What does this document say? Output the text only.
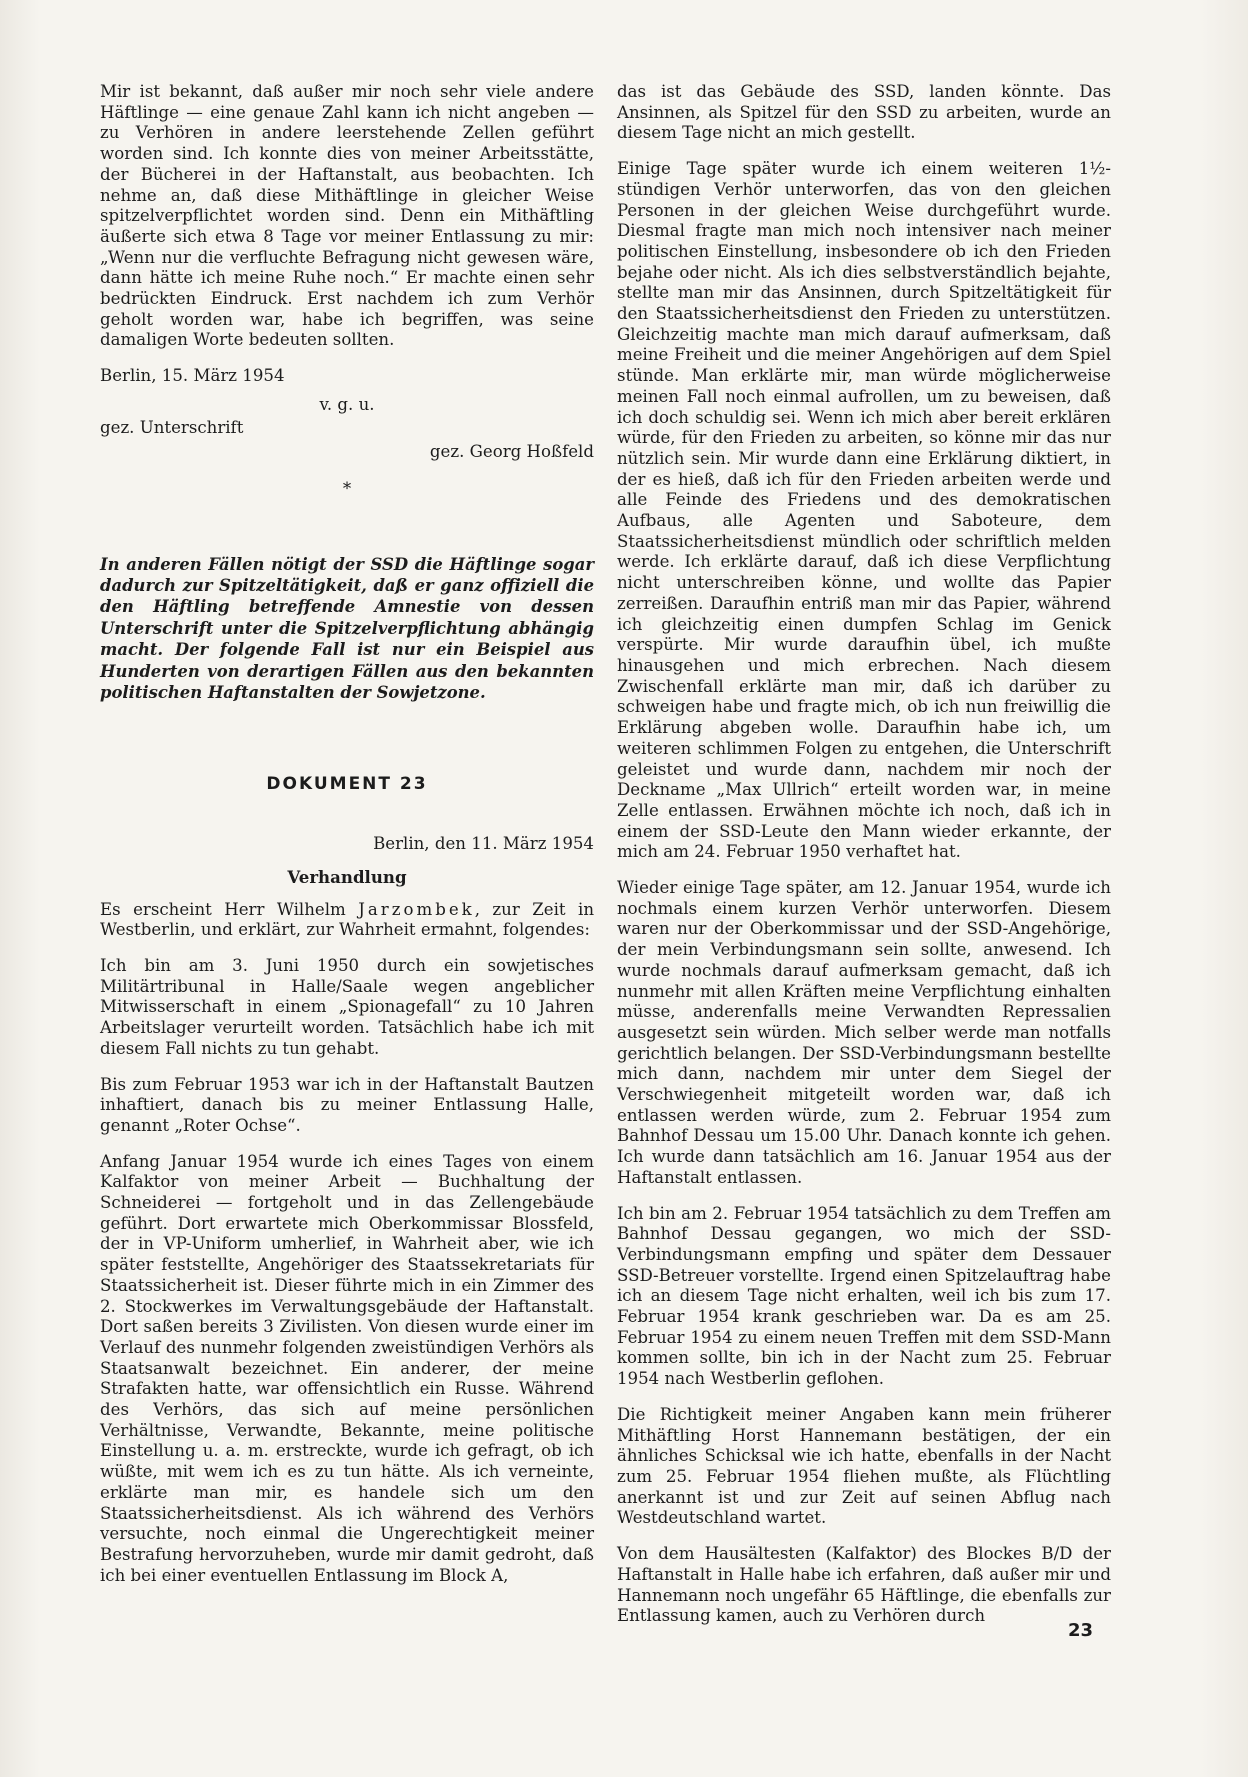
Mir ist bekannt, daß außer mir noch sehr viele andere Häftlinge — eine genaue Zahl kann ich nicht angeben — zu Verhören in andere leerstehende Zellen geführt worden sind. Ich konnte dies von meiner Arbeitsstätte, der Bücherei in der Haftanstalt, aus beobachten. Ich nehme an, daß diese Mithäftlinge in gleicher Weise spitzelverpflichtet worden sind. Denn ein Mithäftling äußerte sich etwa 8 Tage vor meiner Entlassung zu mir: „Wenn nur die verfluchte Befragung nicht gewesen wäre, dann hätte ich meine Ruhe noch.“ Er machte einen sehr bedrückten Eindruck. Erst nachdem ich zum Verhör geholt worden war, habe ich begriffen, was seine damaligen Worte bedeuten sollten.

Berlin, 15. März 1954

v. g. u.

gez. Unterschrift

gez. Georg Hoßfeld

*

In anderen Fällen nötigt der SSD die Häftlinge sogar dadurch zur Spitzeltätigkeit, daß er ganz offiziell die den Häftling betreffende Amnestie von dessen Unterschrift unter die Spitzelverpflichtung abhängig macht. Der folgende Fall ist nur ein Beispiel aus Hunderten von derartigen Fällen aus den bekannten politischen Haftanstalten der Sowjetzone.

DOKUMENT 23

Berlin, den 11. März 1954

Verhandlung

Es erscheint Herr Wilhelm Jarzombek, zur Zeit in Westberlin, und erklärt, zur Wahrheit ermahnt, folgendes:

Ich bin am 3. Juni 1950 durch ein sowjetisches Militärtribunal in Halle/Saale wegen angeblicher Mitwisserschaft in einem „Spionagefall“ zu 10 Jahren Arbeitslager verurteilt worden. Tatsächlich habe ich mit diesem Fall nichts zu tun gehabt.

Bis zum Februar 1953 war ich in der Haftanstalt Bautzen inhaftiert, danach bis zu meiner Entlassung Halle, genannt „Roter Ochse“.

Anfang Januar 1954 wurde ich eines Tages von einem Kalfaktor von meiner Arbeit — Buchhaltung der Schneiderei — fortgeholt und in das Zellengebäude geführt. Dort erwartete mich Oberkommissar Blossfeld, der in VP-Uniform umherlief, in Wahrheit aber, wie ich später feststellte, Angehöriger des Staatssekretariats für Staatssicherheit ist. Dieser führte mich in ein Zimmer des 2. Stockwerkes im Verwaltungsgebäude der Haftanstalt. Dort saßen bereits 3 Zivilisten. Von diesen wurde einer im Verlauf des nunmehr folgenden zweistündigen Verhörs als Staatsanwalt bezeichnet. Ein anderer, der meine Strafakten hatte, war offensichtlich ein Russe. Während des Verhörs, das sich auf meine persönlichen Verhältnisse, Verwandte, Bekannte, meine politische Einstellung u. a. m. erstreckte, wurde ich gefragt, ob ich wüßte, mit wem ich es zu tun hätte. Als ich verneinte, erklärte man mir, es handele sich um den Staatssicherheitsdienst. Als ich während des Verhörs versuchte, noch einmal die Ungerechtigkeit meiner Bestrafung hervorzuheben, wurde mir damit gedroht, daß ich bei einer eventuellen Entlassung im Block A,

das ist das Gebäude des SSD, landen könnte. Das Ansinnen, als Spitzel für den SSD zu arbeiten, wurde an diesem Tage nicht an mich gestellt.

Einige Tage später wurde ich einem weiteren 1½-stündigen Verhör unterworfen, das von den gleichen Personen in der gleichen Weise durchgeführt wurde. Diesmal fragte man mich noch intensiver nach meiner politischen Einstellung, insbesondere ob ich den Frieden bejahe oder nicht. Als ich dies selbstverständlich bejahte, stellte man mir das Ansinnen, durch Spitzeltätigkeit für den Staatssicherheitsdienst den Frieden zu unterstützen. Gleichzeitig machte man mich darauf aufmerksam, daß meine Freiheit und die meiner Angehörigen auf dem Spiel stünde. Man erklärte mir, man würde möglicherweise meinen Fall noch einmal aufrollen, um zu beweisen, daß ich doch schuldig sei. Wenn ich mich aber bereit erklären würde, für den Frieden zu arbeiten, so könne mir das nur nützlich sein. Mir wurde dann eine Erklärung diktiert, in der es hieß, daß ich für den Frieden arbeiten werde und alle Feinde des Friedens und des demokratischen Aufbaus, alle Agenten und Saboteure, dem Staatssicherheitsdienst mündlich oder schriftlich melden werde. Ich erklärte darauf, daß ich diese Verpflichtung nicht unterschreiben könne, und wollte das Papier zerreißen. Daraufhin entriß man mir das Papier, während ich gleichzeitig einen dumpfen Schlag im Genick verspürte. Mir wurde daraufhin übel, ich mußte hinausgehen und mich erbrechen. Nach diesem Zwischenfall erklärte man mir, daß ich darüber zu schweigen habe und fragte mich, ob ich nun freiwillig die Erklärung abgeben wolle. Daraufhin habe ich, um weiteren schlimmen Folgen zu entgehen, die Unterschrift geleistet und wurde dann, nachdem mir noch der Deckname „Max Ullrich“ erteilt worden war, in meine Zelle entlassen. Erwähnen möchte ich noch, daß ich in einem der SSD-Leute den Mann wieder erkannte, der mich am 24. Februar 1950 verhaftet hat.

Wieder einige Tage später, am 12. Januar 1954, wurde ich nochmals einem kurzen Verhör unterworfen. Diesem waren nur der Oberkommissar und der SSD-Angehörige, der mein Verbindungsmann sein sollte, anwesend. Ich wurde nochmals darauf aufmerksam gemacht, daß ich nunmehr mit allen Kräften meine Verpflichtung einhalten müsse, anderenfalls meine Verwandten Repressalien ausgesetzt sein würden. Mich selber werde man notfalls gerichtlich belangen. Der SSD-Verbindungsmann bestellte mich dann, nachdem mir unter dem Siegel der Verschwiegenheit mitgeteilt worden war, daß ich entlassen werden würde, zum 2. Februar 1954 zum Bahnhof Dessau um 15.00 Uhr. Danach konnte ich gehen. Ich wurde dann tatsächlich am 16. Januar 1954 aus der Haftanstalt entlassen.

Ich bin am 2. Februar 1954 tatsächlich zu dem Treffen am Bahnhof Dessau gegangen, wo mich der SSD-Verbindungsmann empfing und später dem Dessauer SSD-Betreuer vorstellte. Irgend einen Spitzelauftrag habe ich an diesem Tage nicht erhalten, weil ich bis zum 17. Februar 1954 krank geschrieben war. Da es am 25. Februar 1954 zu einem neuen Treffen mit dem SSD-Mann kommen sollte, bin ich in der Nacht zum 25. Februar 1954 nach Westberlin geflohen.

Die Richtigkeit meiner Angaben kann mein früherer Mithäftling Horst Hannemann bestätigen, der ein ähnliches Schicksal wie ich hatte, ebenfalls in der Nacht zum 25. Februar 1954 fliehen mußte, als Flüchtling anerkannt ist und zur Zeit auf seinen Abflug nach Westdeutschland wartet.

Von dem Hausältesten (Kalfaktor) des Blockes B/D der Haftanstalt in Halle habe ich erfahren, daß außer mir und Hannemann noch ungefähr 65 Häftlinge, die ebenfalls zur Entlassung kamen, auch zu Verhören durch

23
